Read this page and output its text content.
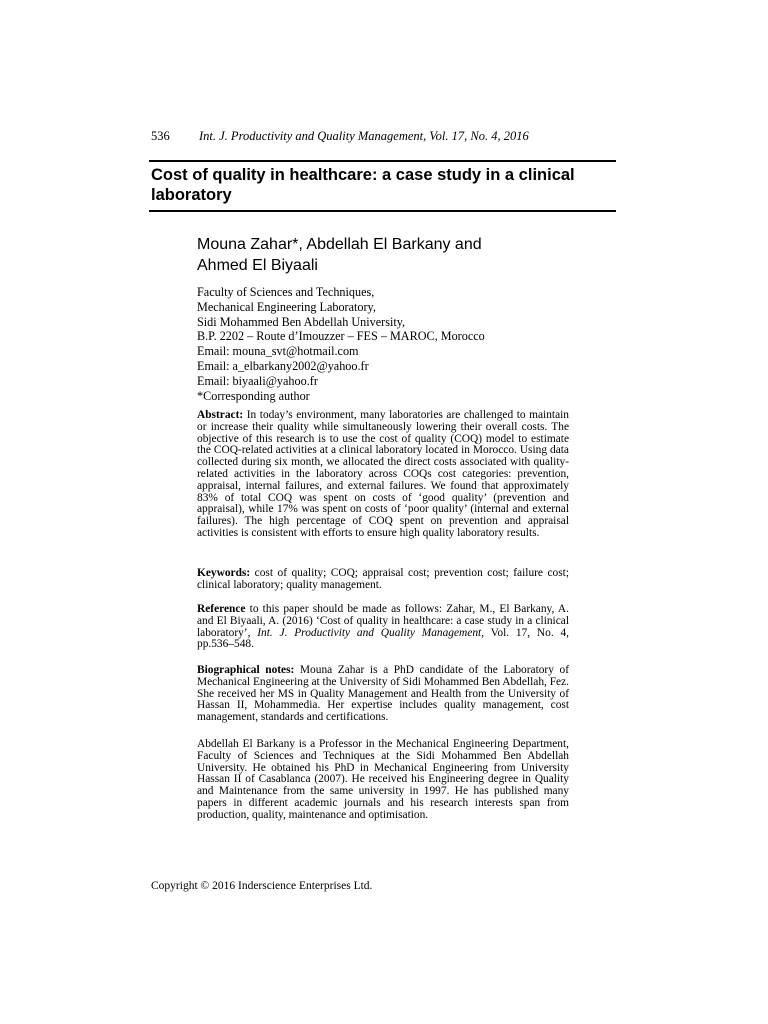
536 Int. J. Productivity and Quality Management, Vol. 17, No. 4, 2016
Cost of quality in healthcare: a case study in a clinical laboratory
Mouna Zahar*, Abdellah El Barkany and
Ahmed El Biyaali
Faculty of Sciences and Techniques,
Mechanical Engineering Laboratory,
Sidi Mohammed Ben Abdellah University,
B.P. 2202 – Route d’Imouzzer – FES – MAROC, Morocco
Email: mouna_svt@hotmail.com
Email: a_elbarkany2002@yahoo.fr
Email: biyaali@yahoo.fr
*Corresponding author
Abstract: In today’s environment, many laboratories are challenged to maintain or increase their quality while simultaneously lowering their overall costs. The objective of this research is to use the cost of quality (COQ) model to estimate the COQ-related activities at a clinical laboratory located in Morocco. Using data collected during six month, we allocated the direct costs associated with quality-related activities in the laboratory across COQs cost categories: prevention, appraisal, internal failures, and external failures. We found that approximately 83% of total COQ was spent on costs of ‘good quality’ (prevention and appraisal), while 17% was spent on costs of ‘poor quality’ (internal and external failures). The high percentage of COQ spent on prevention and appraisal activities is consistent with efforts to ensure high quality laboratory results.
Keywords: cost of quality; COQ; appraisal cost; prevention cost; failure cost; clinical laboratory; quality management.
Reference to this paper should be made as follows: Zahar, M., El Barkany, A. and El Biyaali, A. (2016) ‘Cost of quality in healthcare: a case study in a clinical laboratory’, Int. J. Productivity and Quality Management, Vol. 17, No. 4, pp.536–548.
Biographical notes: Mouna Zahar is a PhD candidate of the Laboratory of Mechanical Engineering at the University of Sidi Mohammed Ben Abdellah, Fez. She received her MS in Quality Management and Health from the University of Hassan II, Mohammedia. Her expertise includes quality management, cost management, standards and certifications.
Abdellah El Barkany is a Professor in the Mechanical Engineering Department, Faculty of Sciences and Techniques at the Sidi Mohammed Ben Abdellah University. He obtained his PhD in Mechanical Engineering from University Hassan II of Casablanca (2007). He received his Engineering degree in Quality and Maintenance from the same university in 1997. He has published many papers in different academic journals and his research interests span from production, quality, maintenance and optimisation.
Copyright © 2016 Inderscience Enterprises Ltd.
